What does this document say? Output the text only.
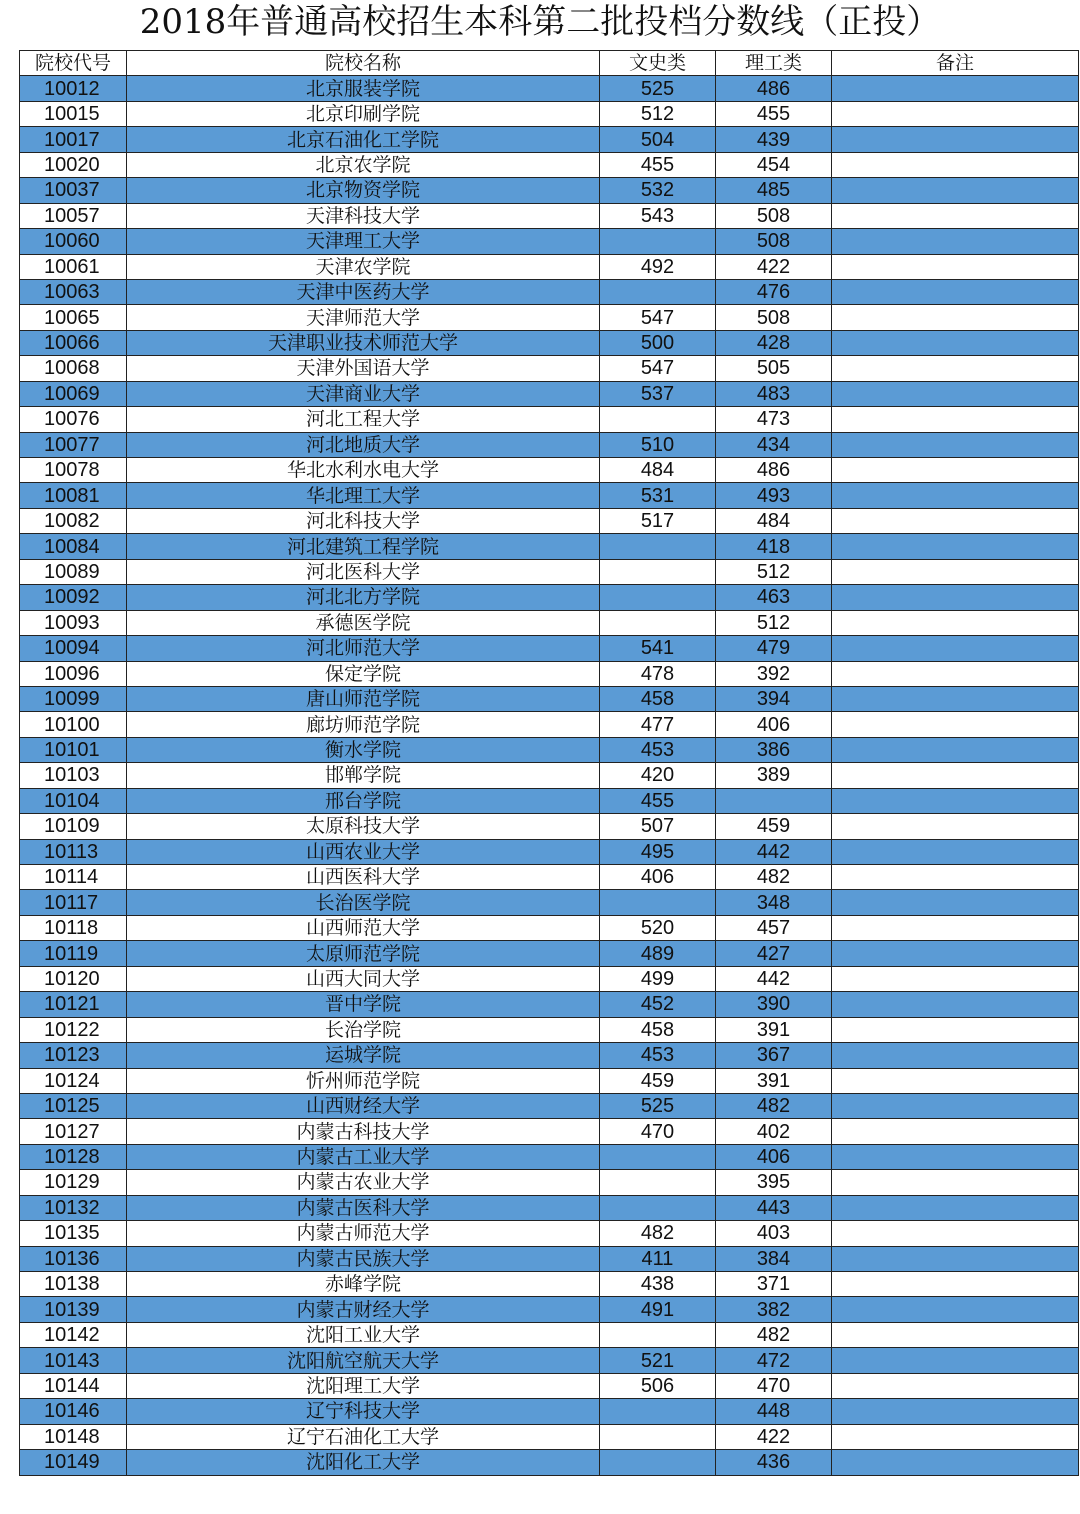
2018年普通高校招生本科第二批投档分数线（正投）
院校代号	院校名称	文史类	理工类	备注
10012	北京服装学院	525	486	
10015	北京印刷学院	512	455	
10017	北京石油化工学院	504	439	
10020	北京农学院	455	454	
10037	北京物资学院	532	485	
10057	天津科技大学	543	508	
10060	天津理工大学		508	
10061	天津农学院	492	422	
10063	天津中医药大学		476	
10065	天津师范大学	547	508	
10066	天津职业技术师范大学	500	428	
10068	天津外国语大学	547	505	
10069	天津商业大学	537	483	
10076	河北工程大学		473	
10077	河北地质大学	510	434	
10078	华北水利水电大学	484	486	
10081	华北理工大学	531	493	
10082	河北科技大学	517	484	
10084	河北建筑工程学院		418	
10089	河北医科大学		512	
10092	河北北方学院		463	
10093	承德医学院		512	
10094	河北师范大学	541	479	
10096	保定学院	478	392	
10099	唐山师范学院	458	394	
10100	廊坊师范学院	477	406	
10101	衡水学院	453	386	
10103	邯郸学院	420	389	
10104	邢台学院	455		
10109	太原科技大学	507	459	
10113	山西农业大学	495	442	
10114	山西医科大学	406	482	
10117	长治医学院		348	
10118	山西师范大学	520	457	
10119	太原师范学院	489	427	
10120	山西大同大学	499	442	
10121	晋中学院	452	390	
10122	长治学院	458	391	
10123	运城学院	453	367	
10124	忻州师范学院	459	391	
10125	山西财经大学	525	482	
10127	内蒙古科技大学	470	402	
10128	内蒙古工业大学		406	
10129	内蒙古农业大学		395	
10132	内蒙古医科大学		443	
10135	内蒙古师范大学	482	403	
10136	内蒙古民族大学	411	384	
10138	赤峰学院	438	371	
10139	内蒙古财经大学	491	382	
10142	沈阳工业大学		482	
10143	沈阳航空航天大学	521	472	
10144	沈阳理工大学	506	470	
10146	辽宁科技大学		448	
10148	辽宁石油化工大学		422	
10149	沈阳化工大学		436	
